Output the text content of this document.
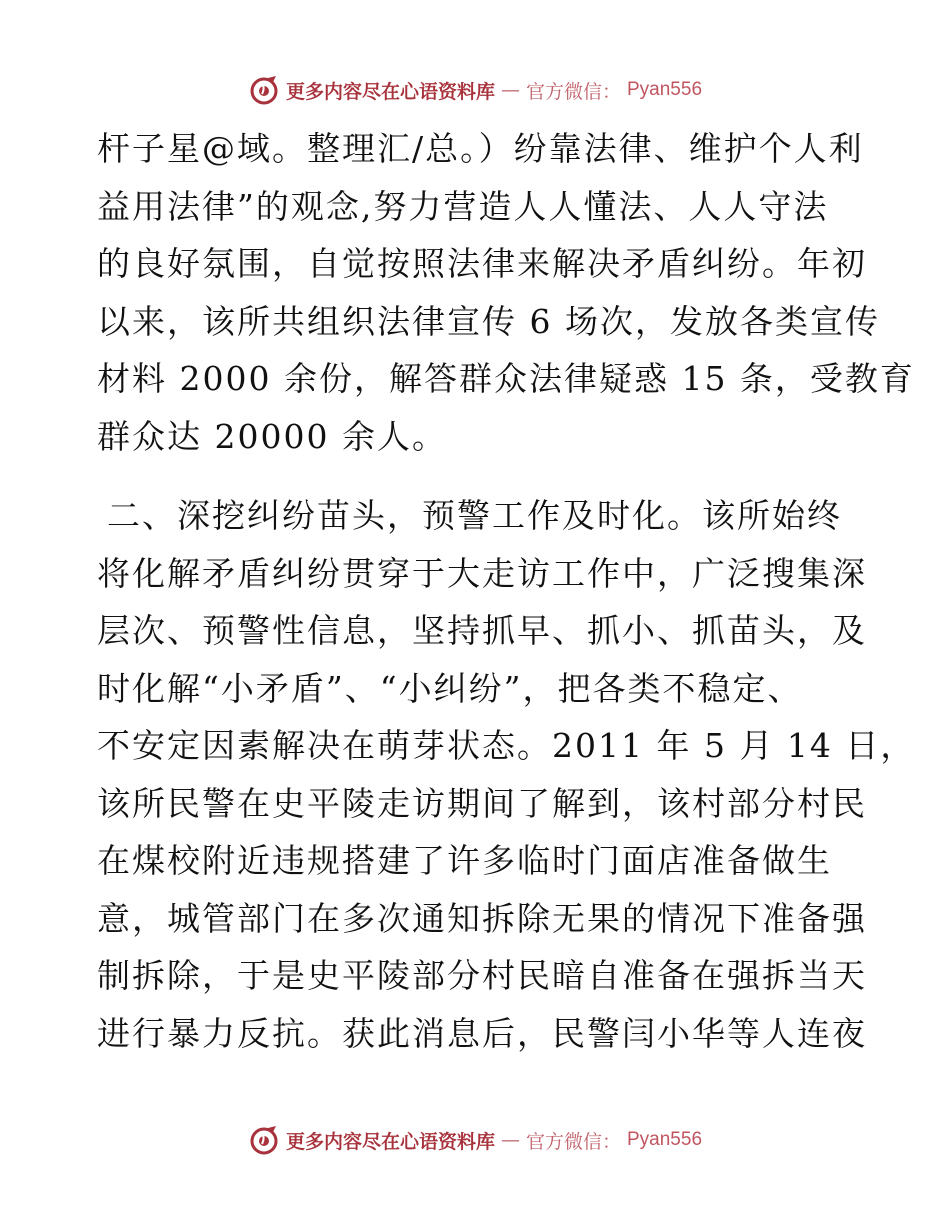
更多内容尽在心语资料库 — 官方微信： Pyan556
杆子星@域。整理汇/总。）纷靠法律、维护个人利
益用法律”的观念,努力营造人人懂法、人人守法
的良好氛围，自觉按照法律来解决矛盾纠纷。年初
以来，该所共组织法律宣传 6 场次，发放各类宣传
材料 2000 余份，解答群众法律疑惑 15 条，受教育
群众达 20000 余人。
二、深挖纠纷苗头，预警工作及时化。该所始终
将化解矛盾纠纷贯穿于大走访工作中，广泛搜集深
层次、预警性信息，坚持抓早、抓小、抓苗头，及
时化解“小矛盾”、“小纠纷”，把各类不稳定、
不安定因素解决在萌芽状态。2011 年 5 月 14 日，
该所民警在史平陵走访期间了解到，该村部分村民
在煤校附近违规搭建了许多临时门面店准备做生
意，城管部门在多次通知拆除无果的情况下准备强
制拆除，于是史平陵部分村民暗自准备在强拆当天
进行暴力反抗。获此消息后，民警闫小华等人连夜
更多内容尽在心语资料库 — 官方微信： Pyan556
